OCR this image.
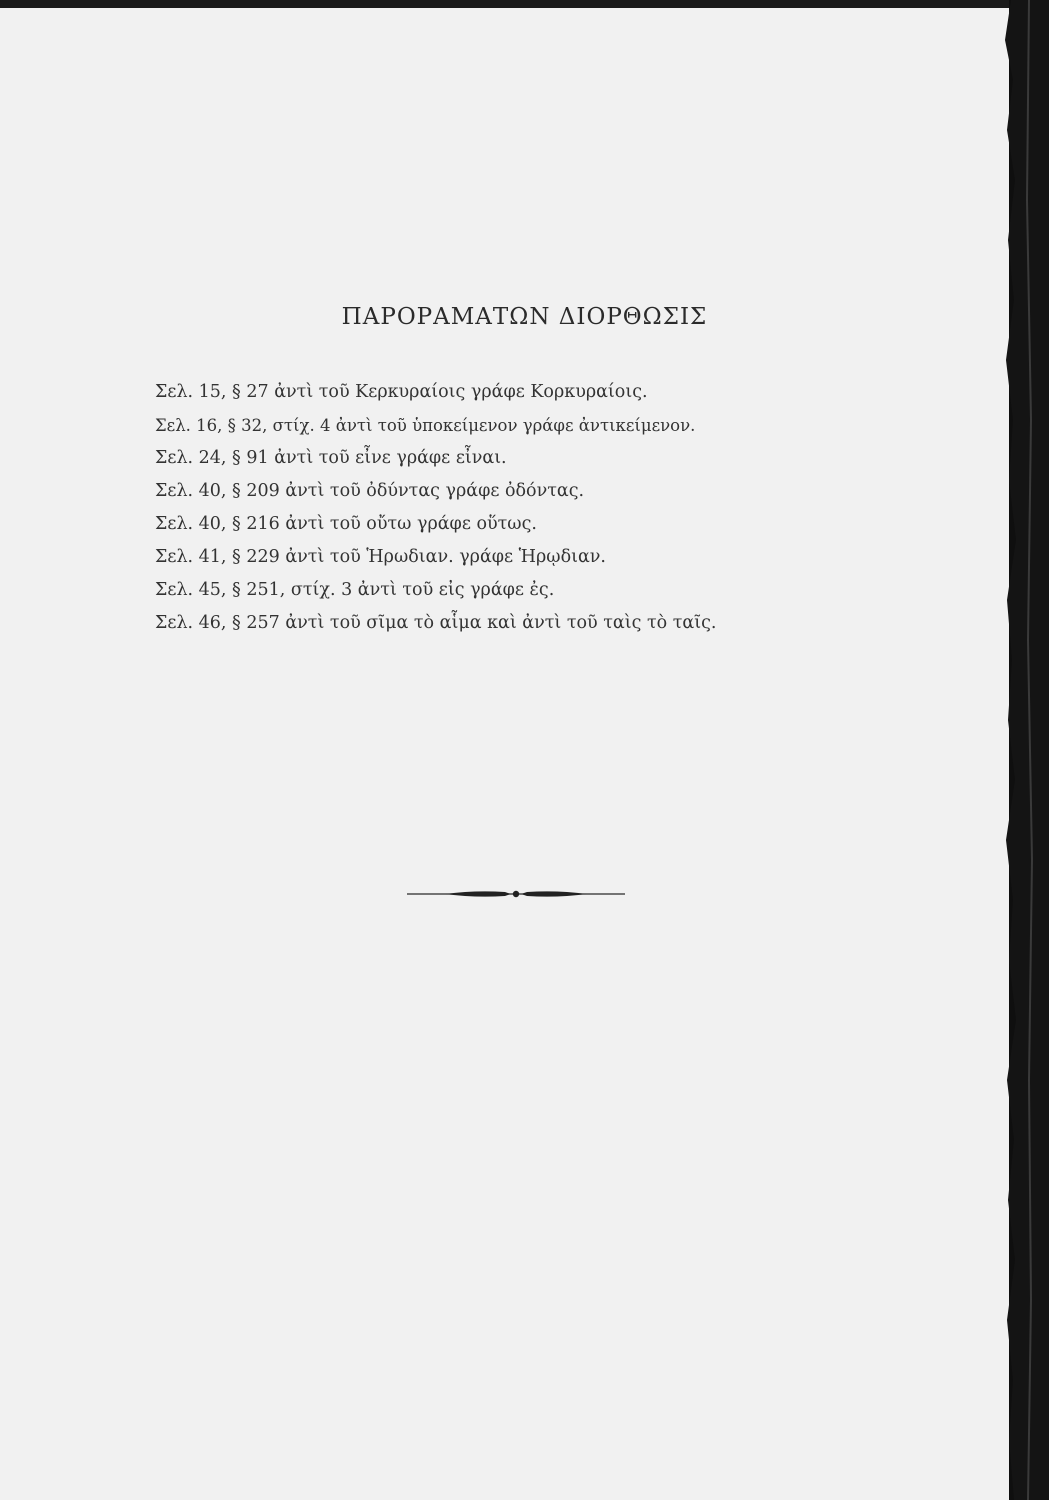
ΠΑΡΟΡΑΜΑΤΩΝ ΔΙΟΡΘΩΣΙΣ
Σελ. 15, § 27 ἀντὶ τοῦ Κερκυραίοις γράφε Κορκυραίοις.
Σελ. 16, § 32, στίχ. 4 ἀντὶ τοῦ ὑποκείμενον γράφε ἀντικείμενον.
Σελ. 24, § 91 ἀντὶ τοῦ εἶνε γράφε εἶναι.
Σελ. 40, § 209 ἀντὶ τοῦ ὀδύντας γράφε ὀδόντας.
Σελ. 40, § 216 ἀντὶ τοῦ οὔτω γράφε οὕτως.
Σελ. 41, § 229 ἀντὶ τοῦ Ἡρωδιαν. γράφε Ἡρῳδιαν.
Σελ. 45, § 251, στίχ. 3 ἀντὶ τοῦ εἰς γράφε ἐς.
Σελ. 46, § 257 ἀντὶ τοῦ σῖμα τὸ αἷμα καὶ ἀντὶ τοῦ ταὶς τὸ ταῖς.
